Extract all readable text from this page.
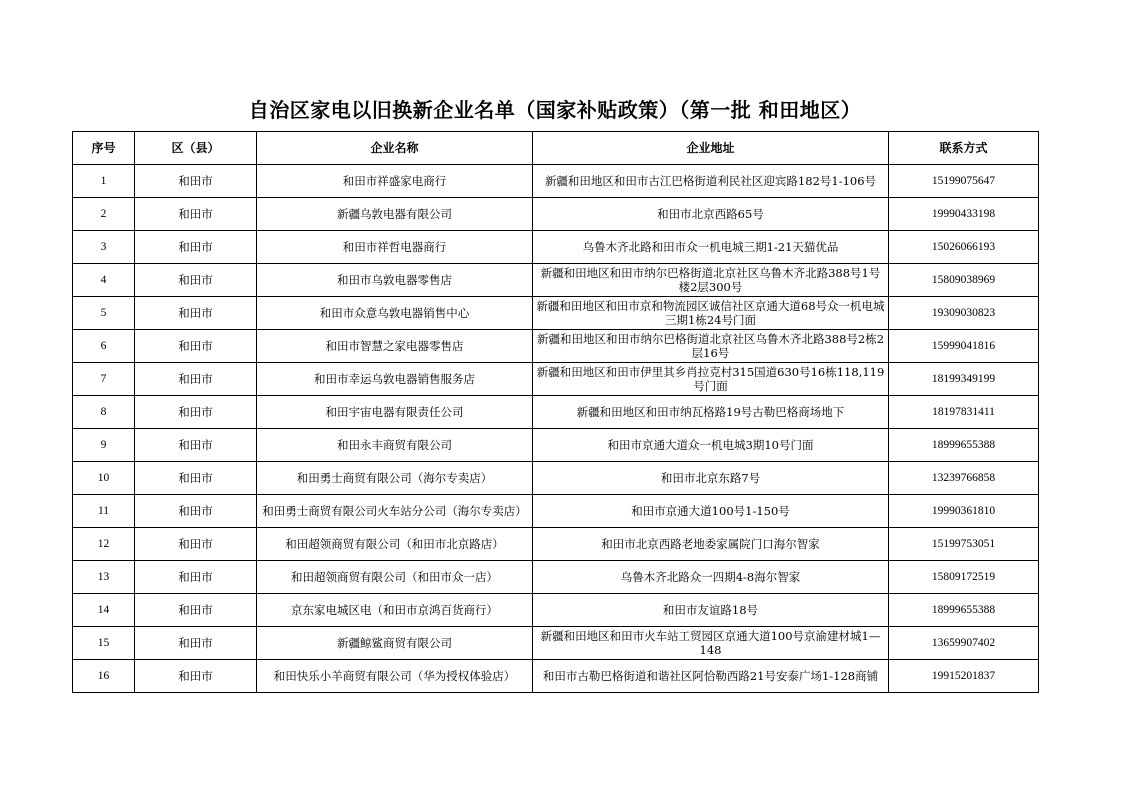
自治区家电以旧换新企业名单（国家补贴政策）（第一批 和田地区）
序号	区（县）	企业名称	企业地址	联系方式
1	和田市	和田市祥盛家电商行	新疆和田地区和田市古江巴格街道利民社区迎宾路182号1-106号	15199075647
2	和田市	新疆乌敦电器有限公司	和田市北京西路65号	19990433198
3	和田市	和田市祥哲电器商行	乌鲁木齐北路和田市众一机电城三期1-21天猫优品	15026066193
4	和田市	和田市乌敦电器零售店	新疆和田地区和田市纳尔巴格街道北京社区乌鲁木齐北路388号1号楼2层300号	15809038969
5	和田市	和田市众意乌敦电器销售中心	新疆和田地区和田市京和物流园区诚信社区京通大道68号众一机电城三期1栋24号门面	19309030823
6	和田市	和田市智慧之家电器零售店	新疆和田地区和田市纳尔巴格街道北京社区乌鲁木齐北路388号2栋2层16号	15999041816
7	和田市	和田市幸运乌敦电器销售服务店	新疆和田地区和田市伊里其乡肖拉克村315国道630号16栋118,119号门面	18199349199
8	和田市	和田宇宙电器有限责任公司	新疆和田地区和田市纳瓦格路19号古勒巴格商场地下	18197831411
9	和田市	和田永丰商贸有限公司	和田市京通大道众一机电城3期10号门面	18999655388
10	和田市	和田勇士商贸有限公司（海尔专卖店）	和田市北京东路7号	13239766858
11	和田市	和田勇士商贸有限公司火车站分公司（海尔专卖店）	和田市京通大道100号1-150号	19990361810
12	和田市	和田超领商贸有限公司（和田市北京路店）	和田市北京西路老地委家属院门口海尔智家	15199753051
13	和田市	和田超领商贸有限公司（和田市众一店）	乌鲁木齐北路众一四期4-8海尔智家	15809172519
14	和田市	京东家电城区电（和田市京鸿百货商行）	和田市友谊路18号	18999655388
15	和田市	新疆鲸鲨商贸有限公司	新疆和田地区和田市火车站工贸园区京通大道100号京渝建材城1—148	13659907402
16	和田市	和田快乐小羊商贸有限公司（华为授权体验店）	和田市古勒巴格街道和谐社区阿恰勒西路21号安泰广场1-128商铺	19915201837
